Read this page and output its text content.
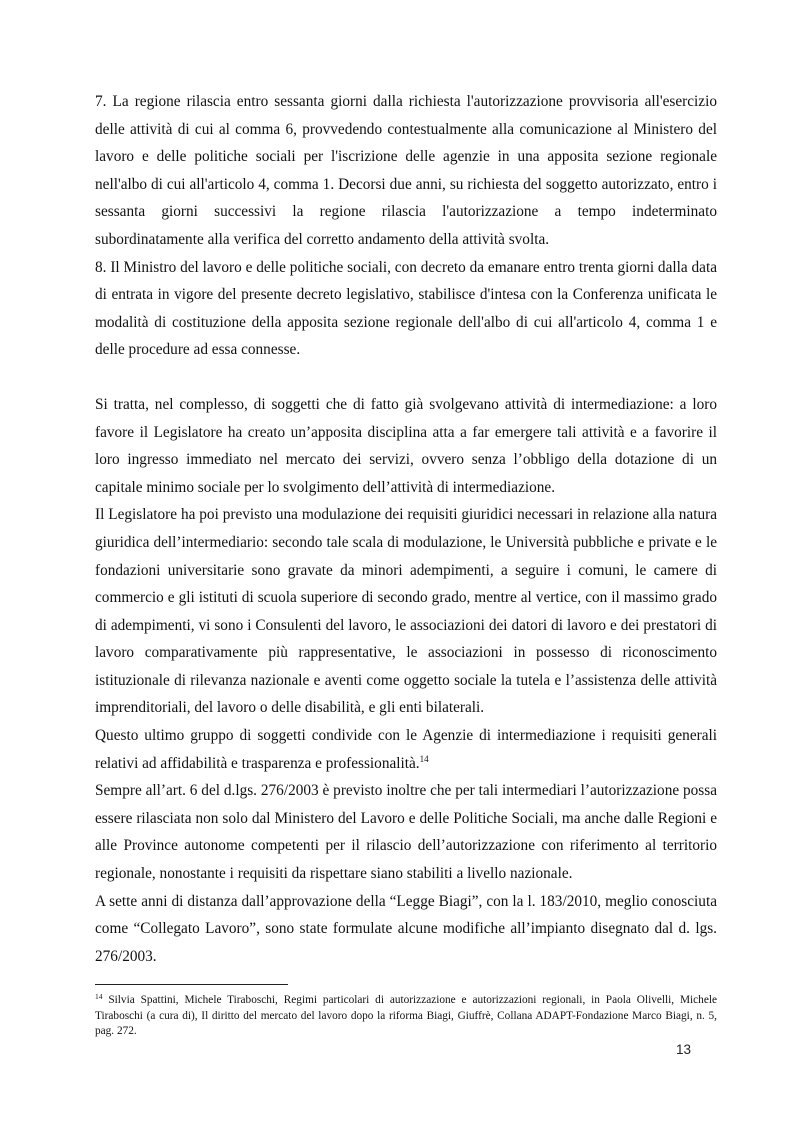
7. La regione rilascia entro sessanta giorni dalla richiesta l'autorizzazione provvisoria all'esercizio delle attività di cui al comma 6, provvedendo contestualmente alla comunicazione al Ministero del lavoro e delle politiche sociali per l'iscrizione delle agenzie in una apposita sezione regionale nell'albo di cui all'articolo 4, comma 1. Decorsi due anni, su richiesta del soggetto autorizzato, entro i sessanta giorni successivi la regione rilascia l'autorizzazione a tempo indeterminato subordinatamente alla verifica del corretto andamento della attività svolta.

8. Il Ministro del lavoro e delle politiche sociali, con decreto da emanare entro trenta giorni dalla data di entrata in vigore del presente decreto legislativo, stabilisce d'intesa con la Conferenza unificata le modalità di costituzione della apposita sezione regionale dell'albo di cui all'articolo 4, comma 1 e delle procedure ad essa connesse.

Si tratta, nel complesso, di soggetti che di fatto già svolgevano attività di intermediazione: a loro favore il Legislatore ha creato un’apposita disciplina atta a far emergere tali attività e a favorire il loro ingresso immediato nel mercato dei servizi, ovvero senza l’obbligo della dotazione di un capitale minimo sociale per lo svolgimento dell’attività di intermediazione.

Il Legislatore ha poi previsto una modulazione dei requisiti giuridici necessari in relazione alla natura giuridica dell’intermediario: secondo tale scala di modulazione, le Università pubbliche e private e le fondazioni universitarie sono gravate da minori adempimenti, a seguire i comuni, le camere di commercio e gli istituti di scuola superiore di secondo grado, mentre al vertice, con il massimo grado di adempimenti, vi sono i Consulenti del lavoro, le associazioni dei datori di lavoro e dei prestatori di lavoro comparativamente più rappresentative, le associazioni in possesso di riconoscimento istituzionale di rilevanza nazionale e aventi come oggetto sociale la tutela e l’assistenza delle attività imprenditoriali, del lavoro o delle disabilità, e gli enti bilaterali.

Questo ultimo gruppo di soggetti condivide con le Agenzie di intermediazione i requisiti generali relativi ad affidabilità e trasparenza e professionalità.$^{14}$

Sempre all’art. 6 del d.lgs. 276/2003 è previsto inoltre che per tali intermediari l’autorizzazione possa essere rilasciata non solo dal Ministero del Lavoro e delle Politiche Sociali, ma anche dalle Regioni e alle Province autonome competenti per il rilascio dell’autorizzazione con riferimento al territorio regionale, nonostante i requisiti da rispettare siano stabiliti a livello nazionale.

A sette anni di distanza dall’approvazione della “Legge Biagi”, con la l. 183/2010, meglio conosciuta come “Collegato Lavoro”, sono state formulate alcune modifiche all’impianto disegnato dal d. lgs. 276/2003.

$^{14}$ Silvia Spattini, Michele Tiraboschi, Regimi particolari di autorizzazione e autorizzazioni regionali, in Paola Olivelli, Michele Tiraboschi (a cura di), Il diritto del mercato del lavoro dopo la riforma Biagi, Giuffrè, Collana ADAPT-Fondazione Marco Biagi, n. 5, pag. 272.
13
